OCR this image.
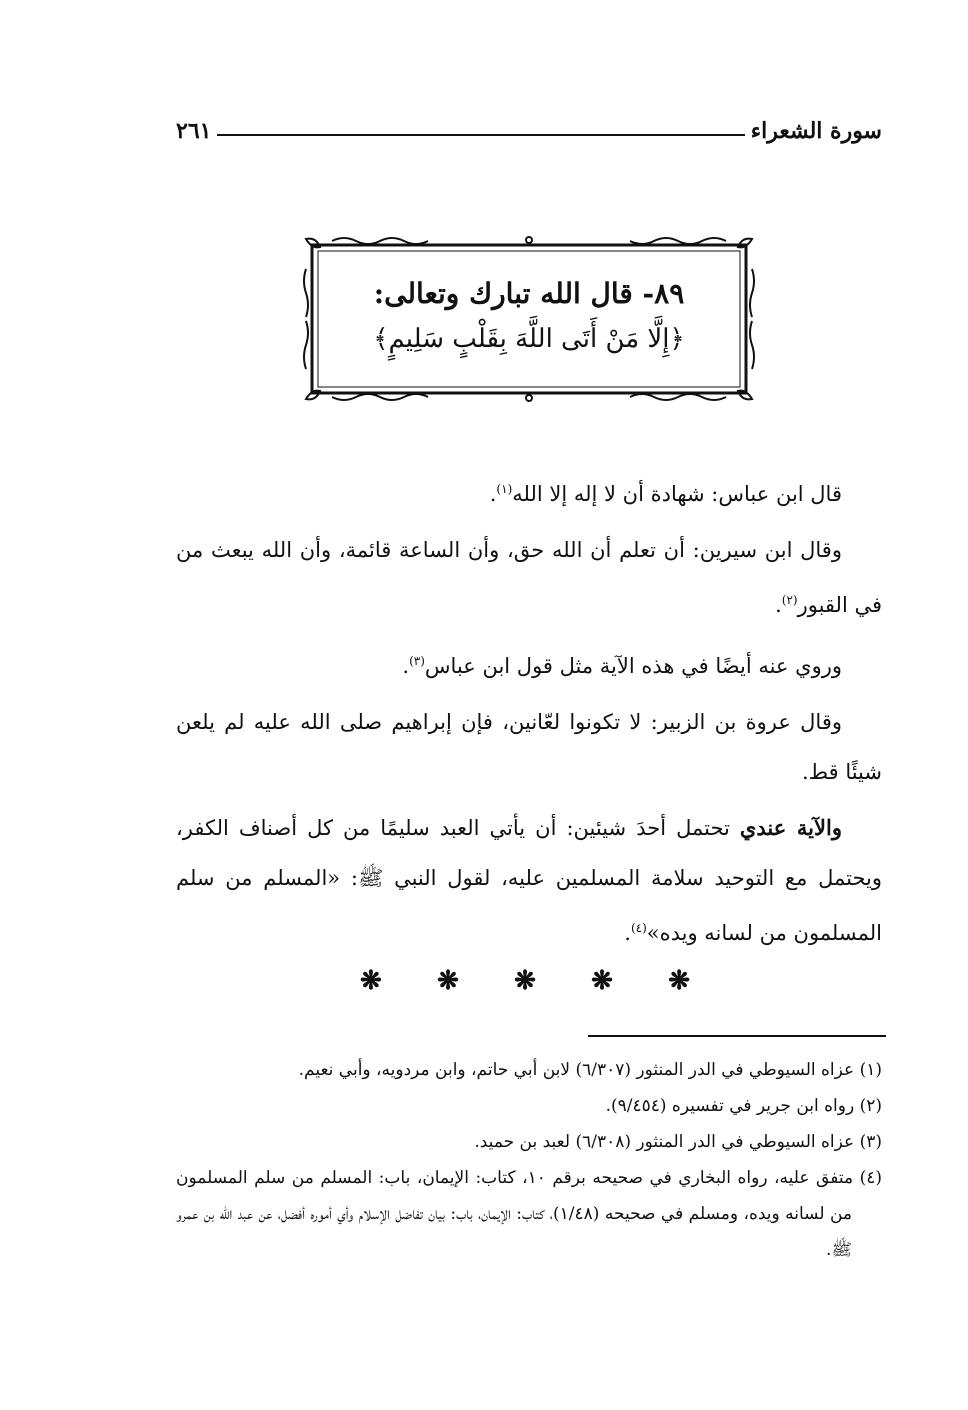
سورة الشعراء
٢٦١
٨٩- قال الله تبارك وتعالى:
﴿إِلَّا مَنْ أَتَى اللَّهَ بِقَلْبٍ سَلِيمٍ﴾

قال ابن عباس: شهادة أن لا إله إلا الله$^{(١)}$.

وقال ابن سيرين: أن تعلم أن الله حق، وأن الساعة قائمة، وأن الله يبعث من في القبور$^{(٢)}$.

وروي عنه أيضًا في هذه الآية مثل قول ابن عباس$^{(٣)}$.

وقال عروة بن الزبير: لا تكونوا لعّانين، فإن إبراهيم صلى الله عليه لم يلعن شيئًا قط.

والآية عندي تحتمل أحدَ شيئين: أن يأتي العبد سليمًا من كل أصناف الكفر، ويحتمل مع التوحيد سلامة المسلمين عليه، لقول النبي ﷺ: «المسلم من سلم المسلمون من لسانه ويده»$^{(٤)}$.

❋
❋
❋
❋
❋

(١) عزاه السيوطي في الدر المنثور (٦/٣٠٧) لابن أبي حاتم، وابن مردويه، وأبي نعيم.

(٢) رواه ابن جرير في تفسيره (٩/٤٥٤).

(٣) عزاه السيوطي في الدر المنثور (٦/٣٠٨) لعبد بن حميد.

(٤) متفق عليه، رواه البخاري في صحيحه برقم ١٠، كتاب: الإيمان، باب: المسلم من سلم المسلمون من لسانه ويده، ومسلم في صحيحه (١/٤٨)، كتاب: الإيمان، باب: بيان تفاضل الإسلام وأي أموره أفضل، عن عبد الله بن عمرو ﷺ.
